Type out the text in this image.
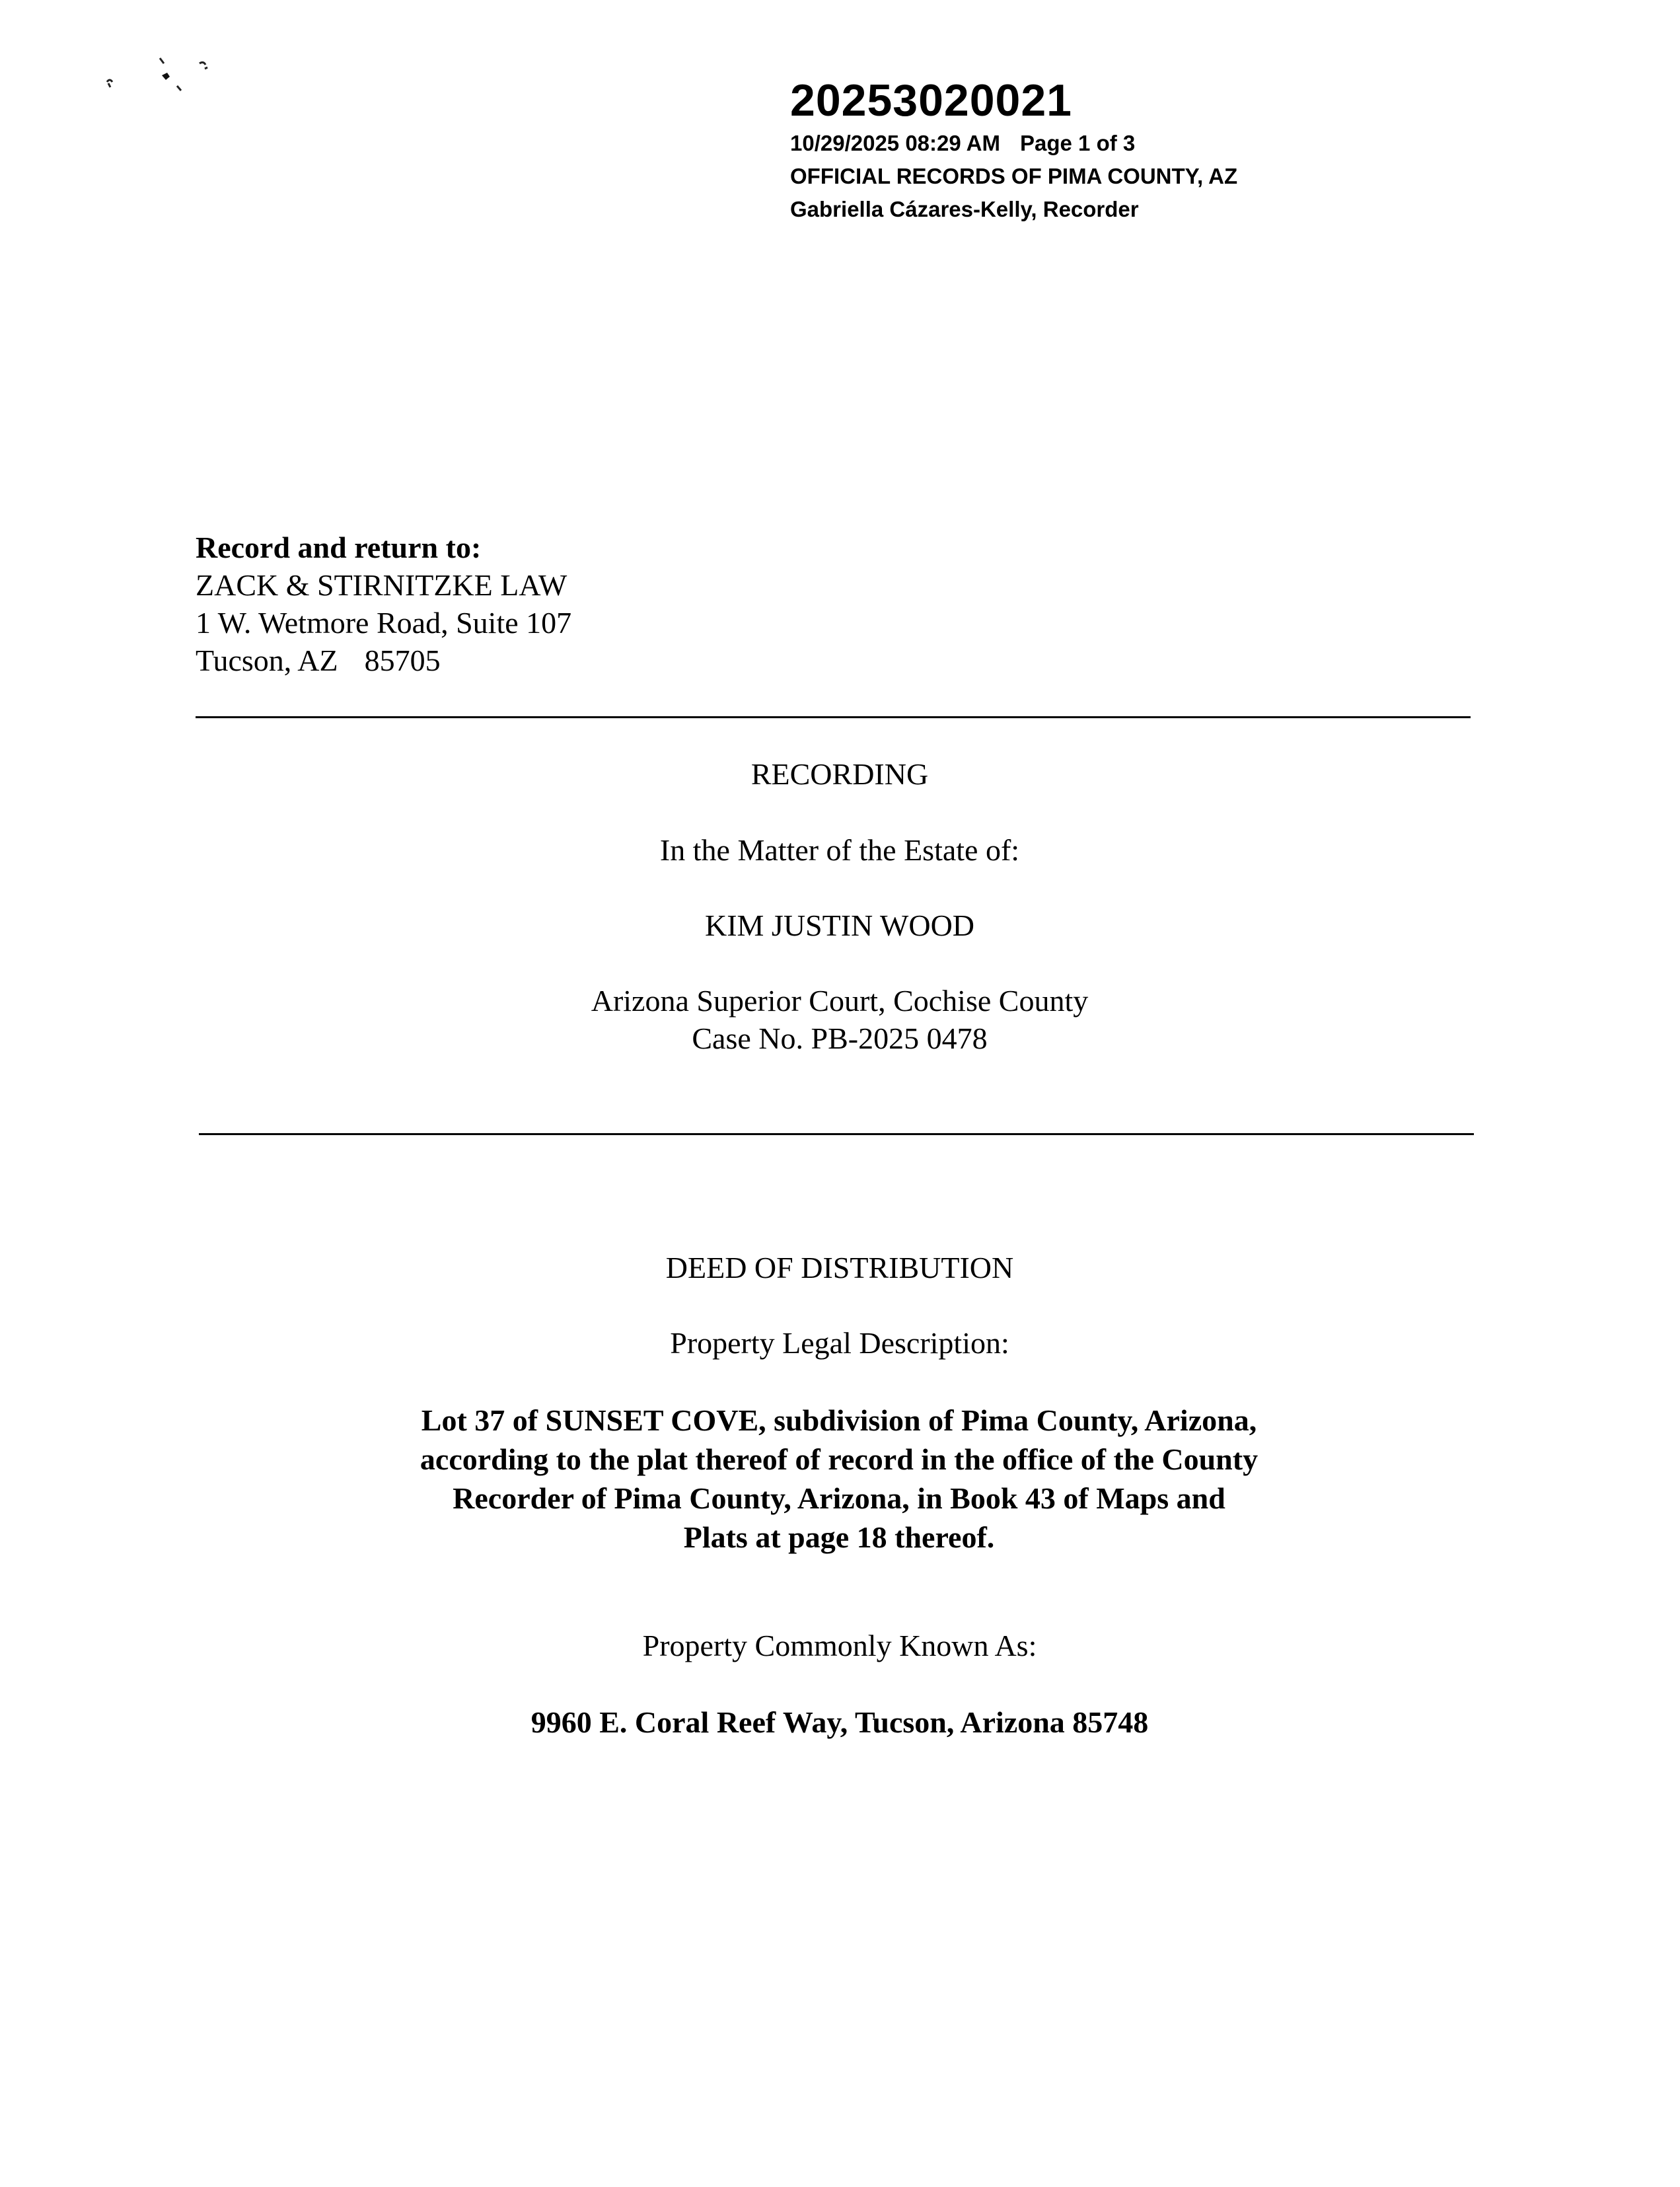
20253020021
10/29/2025 08:29 AM Page 1 of 3
OFFICIAL RECORDS OF PIMA COUNTY, AZ
Gabriella Cázares-Kelly, Recorder
Record and return to:
ZACK & STIRNITZKE LAW
1 W. Wetmore Road, Suite 107
Tucson, AZ 85705
RECORDING
In the Matter of the Estate of:
KIM JUSTIN WOOD
Arizona Superior Court, Cochise County
Case No. PB-2025 0478
DEED OF DISTRIBUTION
Property Legal Description:
Lot 37 of SUNSET COVE, subdivision of Pima County, Arizona,
according to the plat thereof of record in the office of the County
Recorder of Pima County, Arizona, in Book 43 of Maps and
Plats at page 18 thereof.
Property Commonly Known As:
9960 E. Coral Reef Way, Tucson, Arizona 85748
